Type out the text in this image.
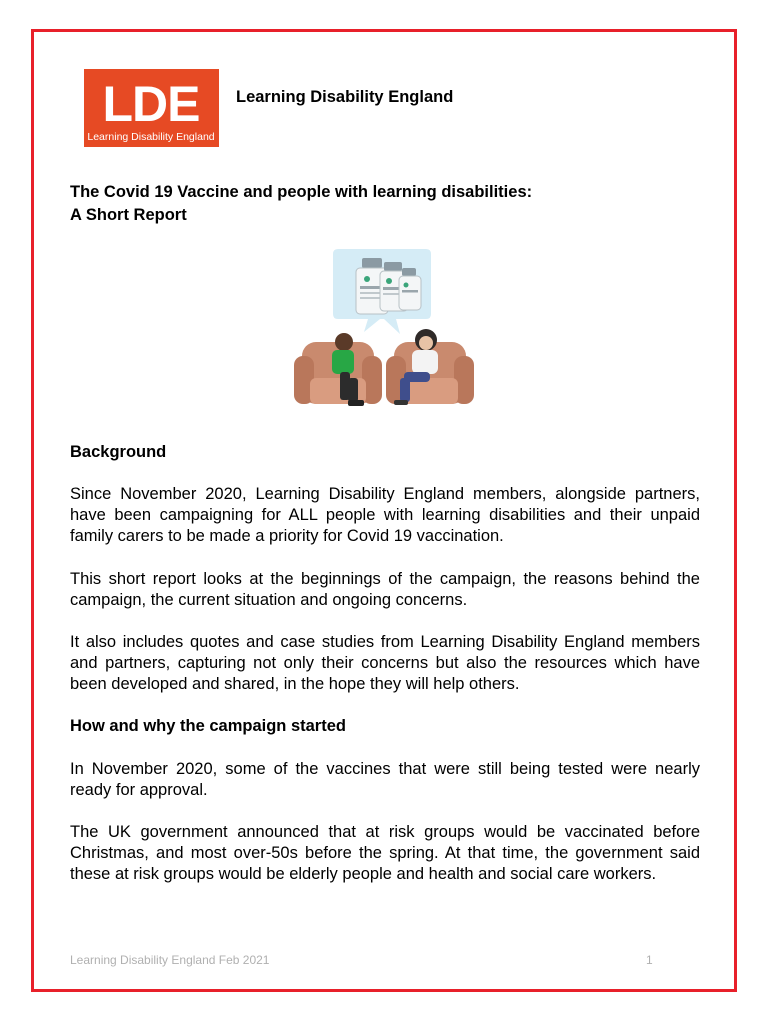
LDE
Learning Disability England
Learning Disability England
The Covid 19 Vaccine and people with learning disabilities:
A Short Report
Background

Since November 2020, Learning Disability England members, alongside partners, have been campaigning for ALL people with learning disabilities and their unpaid family carers to be made a priority for Covid 19 vaccination.

This short report looks at the beginnings of the campaign, the reasons behind the campaign, the current situation and ongoing concerns.

It also includes quotes and case studies from Learning Disability England members and partners, capturing not only their concerns but also the resources which have been developed and shared, in the hope they will help others.

How and why the campaign started

In November 2020, some of the vaccines that were still being tested were nearly ready for approval.

The UK government announced that at risk groups would be vaccinated before Christmas, and most over-50s before the spring. At that time, the government said these at risk groups would be elderly people and health and social care workers.

Learning Disability England Feb 2021	1
